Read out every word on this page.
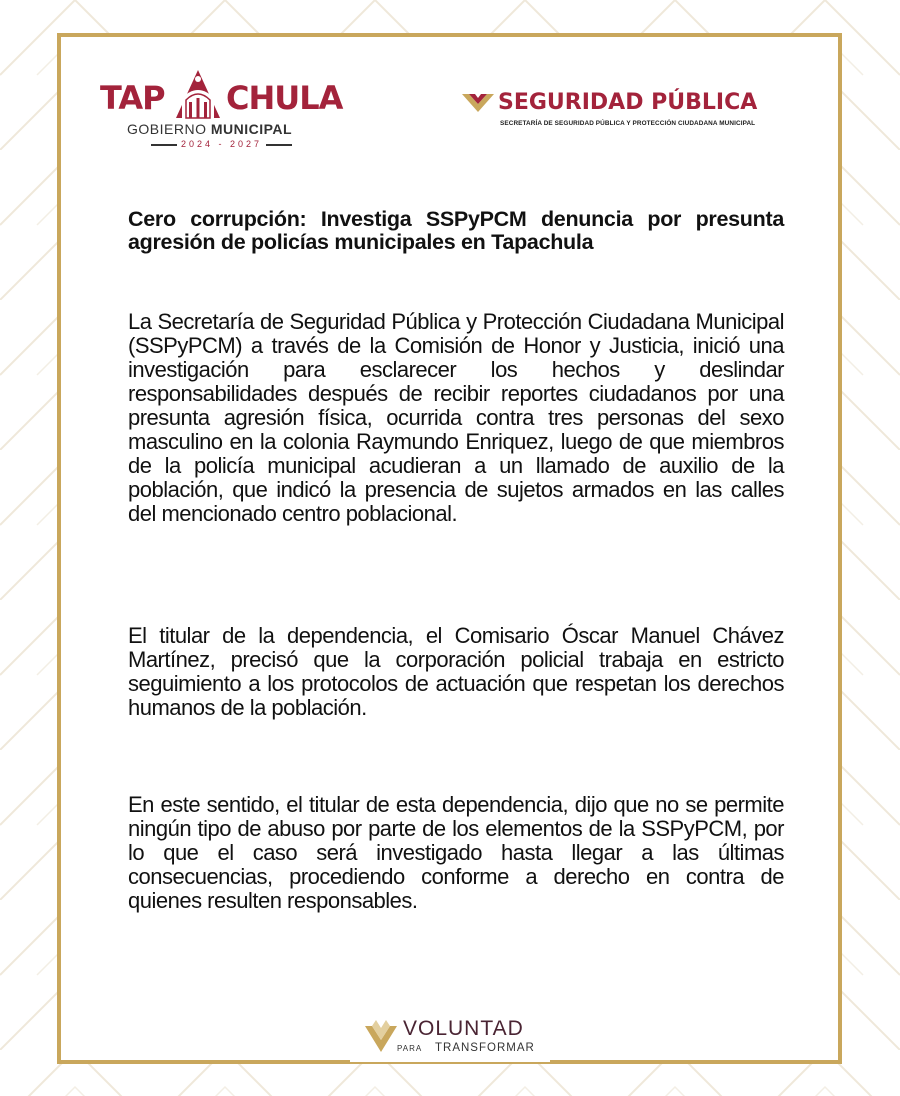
TAP CHULA
GOBIERNO MUNICIPAL
2024 - 2027
SEGURIDAD PÚBLICA
SECRETARÍA DE SEGURIDAD PÚBLICA Y PROTECCIÓN CIUDADANA MUNICIPAL
Cero corrupción: Investiga SSPyPCM denuncia por presunta agresión de policías municipales en Tapachula

La Secretaría de Seguridad Pública y Protección Ciudadana Municipal (SSPyPCM) a través de la Comisión de Honor y Justicia, inició una investigación para esclarecer los hechos y deslindar responsabilidades después de recibir reportes ciudadanos por una presunta agresión física, ocurrida contra tres personas del sexo masculino en la colonia Raymundo Enriquez, luego de que miembros de la policía municipal acudieran a un llamado de auxilio de la población, que indicó la presencia de sujetos armados en las calles del mencionado centro poblacional.

El titular de la dependencia, el Comisario Óscar Manuel Chávez Martínez, precisó que la corporación policial trabaja en estricto seguimiento a los protocolos de actuación que respetan los derechos humanos de la población.

En este sentido, el titular de esta dependencia, dijo que no se permite ningún tipo de abuso por parte de los elementos de la SSPyPCM, por lo que el caso será investigado hasta llegar a las últimas consecuencias, procediendo conforme a derecho en contra de quienes resulten responsables.

VOLUNTAD
PARA TRANSFORMAR
